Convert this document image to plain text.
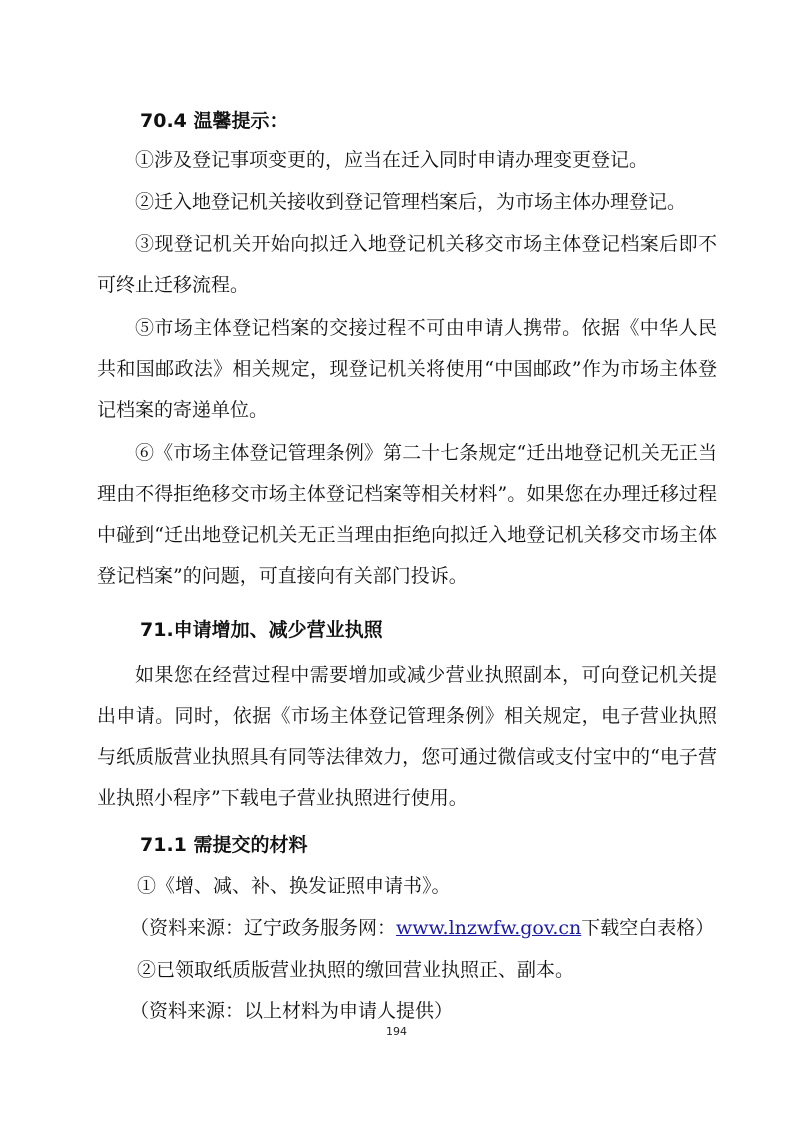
70.4 温馨提示：
①涉及登记事项变更的，应当在迁入同时申请办理变更登记。
②迁入地登记机关接收到登记管理档案后，为市场主体办理登记。
③现登记机关开始向拟迁入地登记机关移交市场主体登记档案后即不可终止迁移流程。
⑤市场主体登记档案的交接过程不可由申请人携带。依据《中华人民共和国邮政法》相关规定，现登记机关将使用“中国邮政”作为市场主体登记档案的寄递单位。
⑥《市场主体登记管理条例》第二十七条规定“迁出地登记机关无正当理由不得拒绝移交市场主体登记档案等相关材料”。如果您在办理迁移过程中碰到“迁出地登记机关无正当理由拒绝向拟迁入地登记机关移交市场主体登记档案”的问题，可直接向有关部门投诉。
71.申请增加、减少营业执照
如果您在经营过程中需要增加或减少营业执照副本，可向登记机关提出申请。同时，依据《市场主体登记管理条例》相关规定，电子营业执照与纸质版营业执照具有同等法律效力，您可通过微信或支付宝中的“电子营业执照小程序”下载电子营业执照进行使用。
71.1 需提交的材料
①《增、减、补、换发证照申请书》。
（资料来源：辽宁政务服务网：www.lnzwfw.gov.cn下载空白表格）
②已领取纸质版营业执照的缴回营业执照正、副本。
（资料来源：以上材料为申请人提供）
194
